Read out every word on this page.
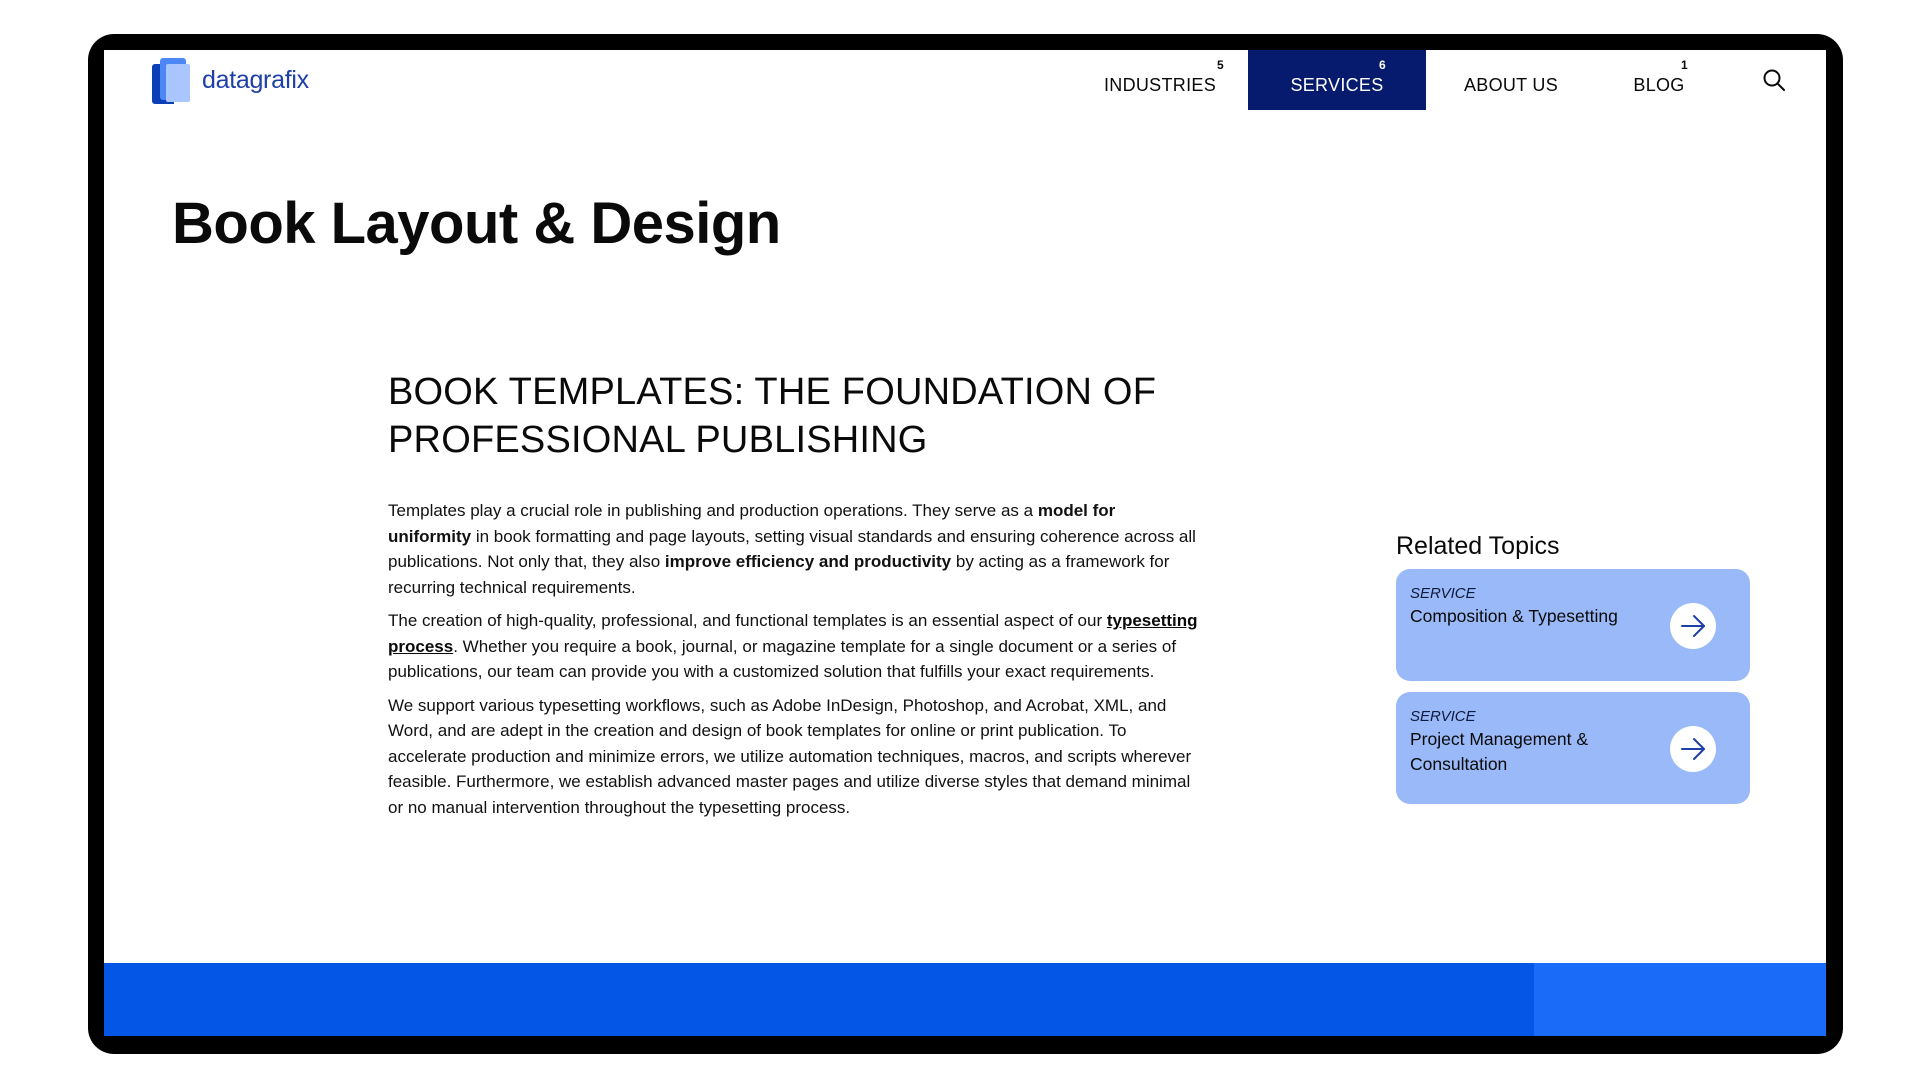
datagrafix	INDUSTRIES
5
SERVICES
6
ABOUT US	BLOG
1
Book Layout & Design
BOOK TEMPLATES: THE FOUNDATION OF PROFESSIONAL PUBLISHING

Templates play a crucial role in publishing and production operations. They serve as a model for uniformity in book formatting and page layouts, setting visual standards and ensuring coherence across all publications. Not only that, they also improve efficiency and productivity by acting as a framework for recurring technical requirements.

The creation of high-quality, professional, and functional templates is an essential aspect of our typesetting process. Whether you require a book, journal, or magazine template for a single document or a series of publications, our team can provide you with a customized solution that fulfills your exact requirements.

We support various typesetting workflows, such as Adobe InDesign, Photoshop, and Acrobat, XML, and Word, and are adept in the creation and design of book templates for online or print publication. To accelerate production and minimize errors, we utilize automation techniques, macros, and scripts wherever feasible. Furthermore, we establish advanced master pages and utilize diverse styles that demand minimal or no manual intervention throughout the typesetting process.

Related Topics
SERVICE
Composition & Typesetting
SERVICE
Project Management & Consultation
